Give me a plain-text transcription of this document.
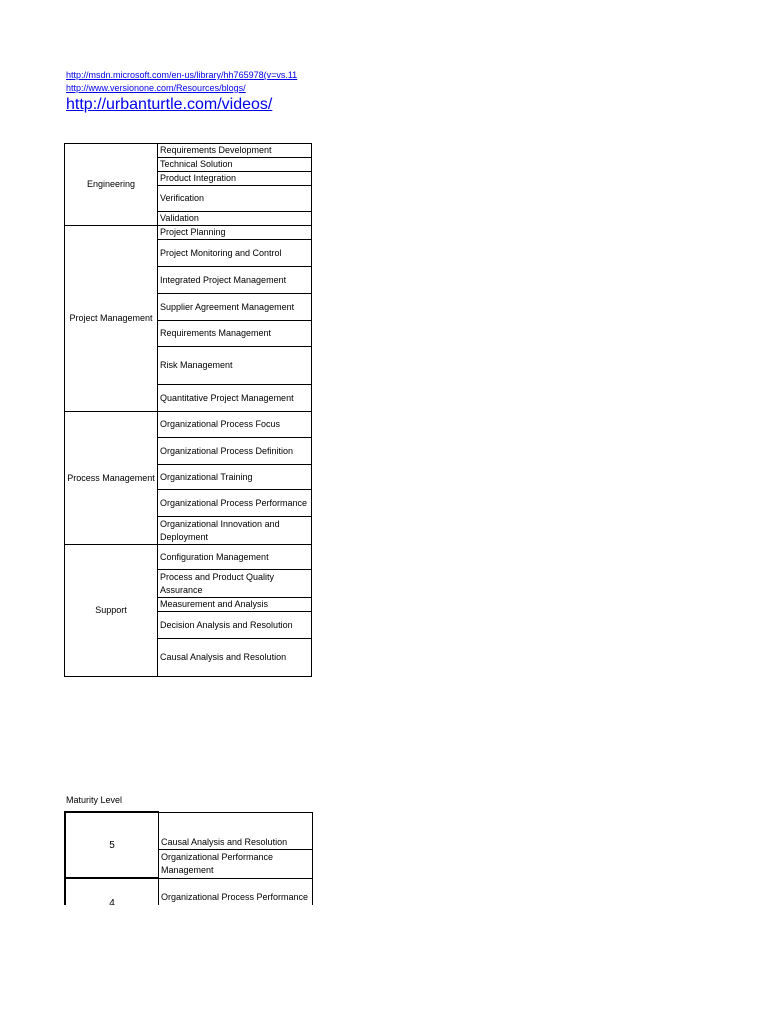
http://msdn.microsoft.com/en-us/library/hh765978(v=vs.11
http://www.versionone.com/Resources/blogs/
http://urbanturtle.com/videos/
Engineering	Requirements Development
	Technical Solution
	Product Integration
	Verification
	Validation
Project Management	Project Planning
	Project Monitoring and Control
	Integrated Project Management
	Supplier Agreement Management
	Requirements Management
	Risk Management
	Quantitative Project Management
Process Management	Organizational Process Focus
	Organizational Process Definition
	Organizational Training
	Organizational Process Performance
	Organizational Innovation and Deployment
Support	Configuration Management
	Process and Product Quality Assurance
	Measurement and Analysis
	Decision Analysis and Resolution
	Causal Analysis and Resolution
Maturity Level
5	Causal Analysis and Resolution
	Organizational Performance Management
4	Organizational Process Performance
